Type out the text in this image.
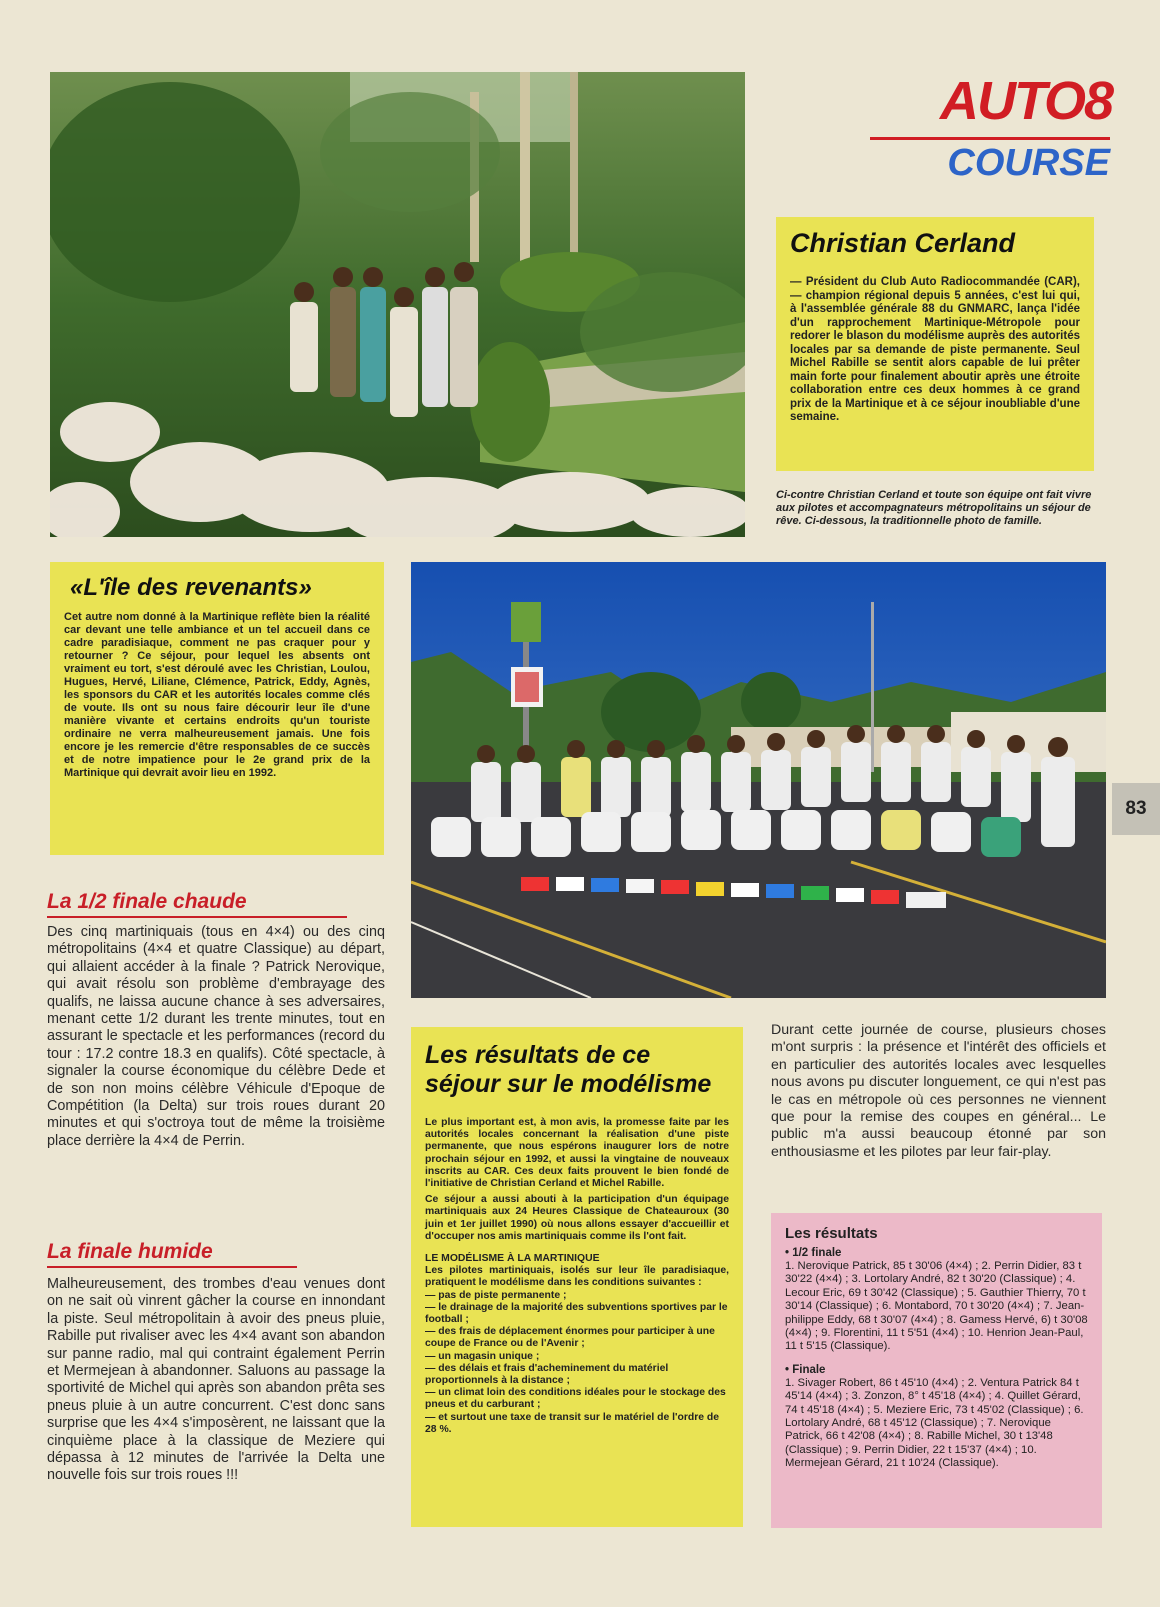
AUTO8
COURSE
Christian Cerland

— Président du Club Auto Radiocommandée (CAR), — champion régional depuis 5 années, c'est lui qui, à l'assemblée générale 88 du GNMARC, lança l'idée d'un rapprochement Martinique-Métropole pour redorer le blason du modélisme auprès des autorités locales par sa demande de piste permanente. Seul Michel Rabille se sentit alors capable de lui prêter main forte pour finalement aboutir après une étroite collaboration entre ces deux hommes à ce grand prix de la Martinique et à ce séjour inoubliable d'une semaine.

Ci-contre Christian Cerland et toute son équipe ont fait vivre aux pilotes et accompagnateurs métropolitains un séjour de rêve. Ci-dessous, la traditionnelle photo de famille.
«L'île des revenants»

Cet autre nom donné à la Martinique reflète bien la réalité car devant une telle ambiance et un tel accueil dans ce cadre paradisiaque, comment ne pas craquer pour y retourner ? Ce séjour, pour lequel les absents ont vraiment eu tort, s'est déroulé avec les Christian, Loulou, Hugues, Hervé, Liliane, Clémence, Patrick, Eddy, Agnès, les sponsors du CAR et les autorités locales comme clés de voute. Ils ont su nous faire décourir leur île d'une manière vivante et certains endroits qu'un touriste ordinaire ne verra malheureusement jamais. Une fois encore je les remercie d'être responsables de ce succès et de notre impatience pour le 2e grand prix de la Martinique qui devrait avoir lieu en 1992.

83
La 1/2 finale chaude

Des cinq martiniquais (tous en 4×4) ou des cinq métropolitains (4×4 et quatre Classique) au départ, qui allaient accéder à la finale ? Patrick Nerovique, qui avait résolu son problème d'embrayage des qualifs, ne laissa aucune chance à ses adversaires, menant cette 1/2 durant les trente minutes, tout en assurant le spectacle et les performances (record du tour : 17.2 contre 18.3 en qualifs). Côté spectacle, à signaler la course économique du célèbre Dede et de son non moins célèbre Véhicule d'Epoque de Compétition (la Delta) sur trois roues durant 20 minutes et qui s'octroya tout de même la troisième place derrière la 4×4 de Perrin.

La finale humide

Malheureusement, des trombes d'eau venues dont on ne sait où vinrent gâcher la course en innondant la piste. Seul métropolitain à avoir des pneus pluie, Rabille put rivaliser avec les 4×4 avant son abandon sur panne radio, mal qui contraint également Perrin et Mermejean à abandonner. Saluons au passage la sportivité de Michel qui après son abandon prêta ses pneus pluie à un autre concurrent. C'est donc sans surprise que les 4×4 s'imposèrent, ne laissant que la cinquième place à la classique de Meziere qui dépassa à 12 minutes de l'arrivée la Delta une nouvelle fois sur trois roues !!!

Les résultats de ce séjour sur le modélisme

Le plus important est, à mon avis, la promesse faite par les autorités locales concernant la réalisation d'une piste permanente, que nous espérons inaugurer lors de notre prochain séjour en 1992, et aussi la vingtaine de nouveaux inscrits au CAR. Ces deux faits prouvent le bien fondé de l'initiative de Christian Cerland et Michel Rabille.

Ce séjour a aussi abouti à la participation d'un équipage martiniquais aux 24 Heures Classique de Chateauroux (30 juin et 1er juillet 1990) où nous allons essayer d'accueillir et d'occuper nos amis martiniquais comme ils l'ont fait.

LE MODÉLISME À LA MARTINIQUE

Les pilotes martiniquais, isolés sur leur île paradisiaque, pratiquent le modélisme dans les conditions suivantes :

— pas de piste permanente ;

— le drainage de la majorité des subventions sportives par le football ;

— des frais de déplacement énormes pour participer à une coupe de France ou de l'Avenir ;

— un magasin unique ;

— des délais et frais d'acheminement du matériel proportionnels à la distance ;

— un climat loin des conditions idéales pour le stockage des pneus et du carburant ;

— et surtout une taxe de transit sur le matériel de l'ordre de 28 %.

Durant cette journée de course, plusieurs choses m'ont surpris : la présence et l'intérêt des officiels et en particulier des autorités locales avec lesquelles nous avons pu discuter longuement, ce qui n'est pas le cas en métropole où ces personnes ne viennent que pour la remise des coupes en général... Le public m'a aussi beaucoup étonné par son enthousiasme et les pilotes par leur fair-play.

Les résultats

• 1/2 finale

1. Nerovique Patrick, 85 t 30'06 (4×4) ; 2. Perrin Didier, 83 t 30'22 (4×4) ; 3. Lortolary André, 82 t 30'20 (Classique) ; 4. Lecour Eric, 69 t 30'42 (Classique) ; 5. Gauthier Thierry, 70 t 30'14 (Classique) ; 6. Montabord, 70 t 30'20 (4×4) ; 7. Jean-philippe Eddy, 68 t 30'07 (4×4) ; 8. Gamess Hervé, 6) t 30'08 (4×4) ; 9. Florentini, 11 t 5'51 (4×4) ; 10. Henrion Jean-Paul, 11 t 5'15 (Classique).

• Finale

1. Sivager Robert, 86 t 45'10 (4×4) ; 2. Ventura Patrick 84 t 45'14 (4×4) ; 3. Zonzon, 8° t 45'18 (4×4) ; 4. Quillet Gérard, 74 t 45'18 (4×4) ; 5. Meziere Eric, 73 t 45'02 (Classique) ; 6. Lortolary André, 68 t 45'12 (Classique) ; 7. Nerovique Patrick, 66 t 42'08 (4×4) ; 8. Rabille Michel, 30 t 13'48 (Classique) ; 9. Perrin Didier, 22 t 15'37 (4×4) ; 10. Mermejean Gérard, 21 t 10'24 (Classique).
